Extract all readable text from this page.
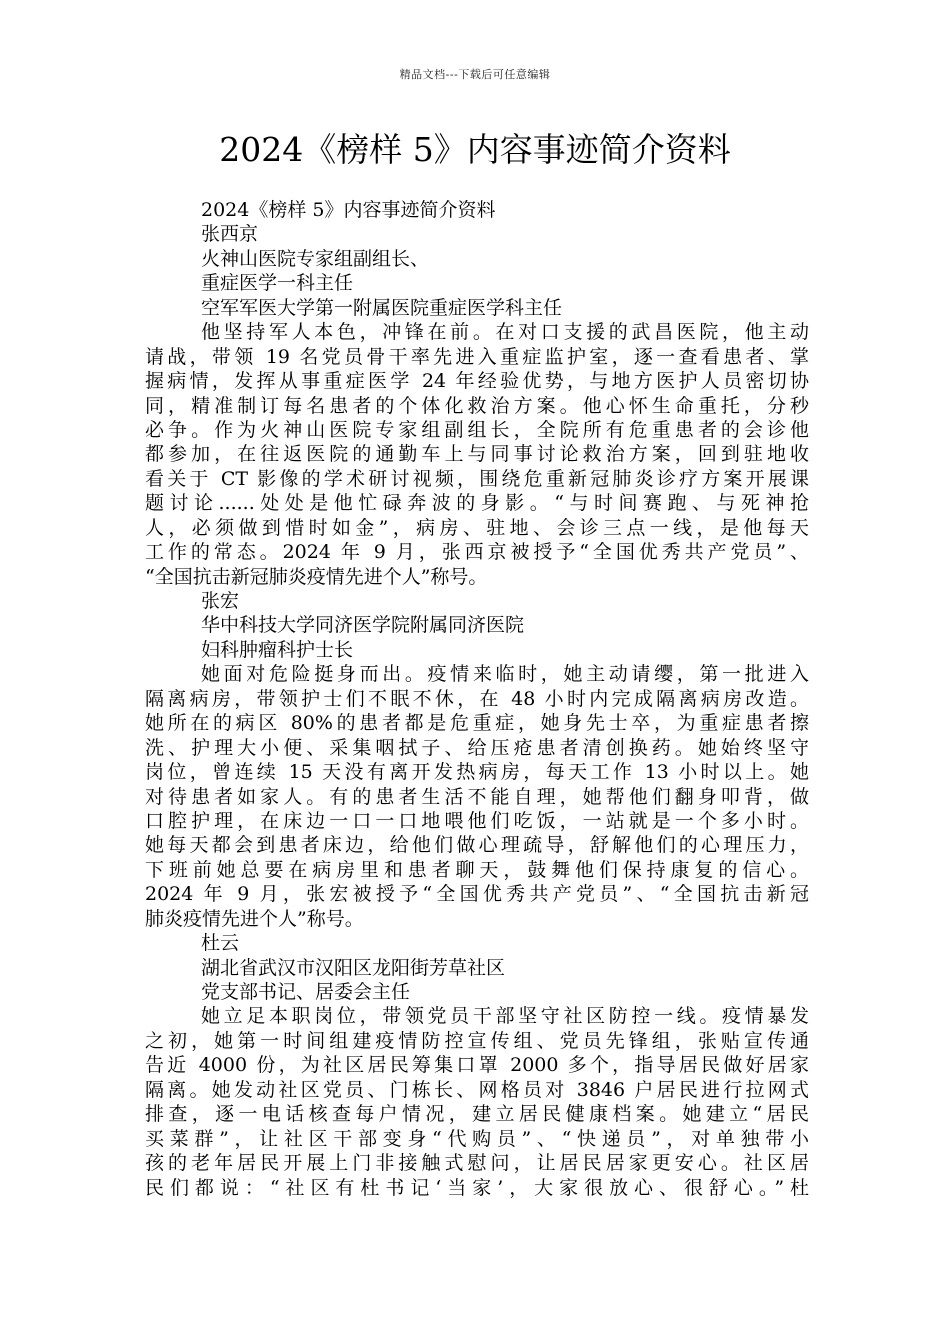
精品文档---下载后可任意编辑
2024《榜样 5》内容事迹简介资料
2024《榜样 5》内容事迹简介资料
张西京
火神山医院专家组副组长、
重症医学一科主任
空军军医大学第一附属医院重症医学科主任
他坚持军人本色，冲锋在前。在对口支援的武昌医院，他主动
请战，带领 19 名党员骨干率先进入重症监护室，逐一查看患者、掌
握病情，发挥从事重症医学 24 年经验优势，与地方医护人员密切协
同，精准制订每名患者的个体化救治方案。他心怀生命重托，分秒
必争。作为火神山医院专家组副组长，全院所有危重患者的会诊他
都参加，在往返医院的通勤车上与同事讨论救治方案，回到驻地收
看关于 CT 影像的学术研讨视频，围绕危重新冠肺炎诊疗方案开展课
题讨论......处处是他忙碌奔波的身影。“与时间赛跑、与死神抢
人，必须做到惜时如金”，病房、驻地、会诊三点一线，是他每天
工作的常态。2024 年 9 月，张西京被授予“全国优秀共产党员”、
“全国抗击新冠肺炎疫情先进个人”称号。
张宏
华中科技大学同济医学院附属同济医院
妇科肿瘤科护士长
她面对危险挺身而出。疫情来临时，她主动请缨，第一批进入
隔离病房，带领护士们不眠不休，在 48 小时内完成隔离病房改造。
她所在的病区 80%的患者都是危重症，她身先士卒，为重症患者擦
洗、护理大小便、采集咽拭子、给压疮患者清创换药。她始终坚守
岗位，曾连续 15 天没有离开发热病房，每天工作 13 小时以上。她
对待患者如家人。有的患者生活不能自理，她帮他们翻身叩背，做
口腔护理，在床边一口一口地喂他们吃饭，一站就是一个多小时。
她每天都会到患者床边，给他们做心理疏导，舒解他们的心理压力，
下班前她总要在病房里和患者聊天，鼓舞他们保持康复的信心。
2024 年 9 月，张宏被授予“全国优秀共产党员”、“全国抗击新冠
肺炎疫情先进个人”称号。
杜云
湖北省武汉市汉阳区龙阳街芳草社区
党支部书记、居委会主任
她立足本职岗位，带领党员干部坚守社区防控一线。疫情暴发
之初，她第一时间组建疫情防控宣传组、党员先锋组，张贴宣传通
告近 4000 份，为社区居民筹集口罩 2000 多个，指导居民做好居家
隔离。她发动社区党员、门栋长、网格员对 3846 户居民进行拉网式
排查，逐一电话核查每户情况，建立居民健康档案。她建立“居民
买菜群”，让社区干部变身“代购员”、“快递员”，对单独带小
孩的老年居民开展上门非接触式慰问，让居民居家更安心。社区居
民们都说：“社区有杜书记‘当家’，大家很放心、很舒心。”杜
